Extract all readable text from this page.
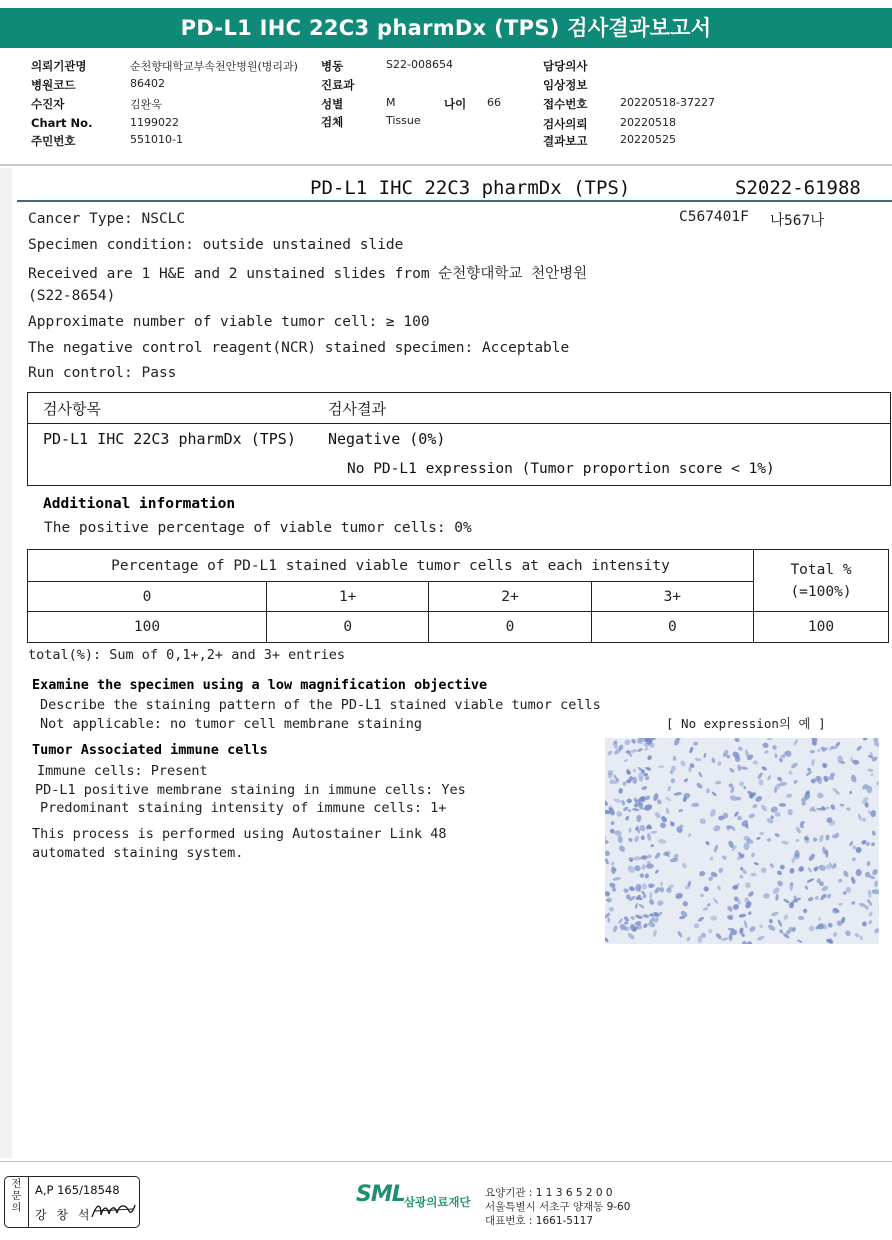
PD-L1 IHC 22C3 pharmDx (TPS) 검사결과보고서
의뢰기관명	순천향대학교부속천안병원(병리과) 병동	S22-008654	담당의사
병원코드	86402	진료과	임상정보
수진자	김완욱	성별	M	나이 66	접수번호	20220518-37227
Chart No.	1199022	검체	Tissue	검사의뢰	20220518
주민번호	551010-1	결과보고	20220525
PD-L1 IHC 22C3 pharmDx (TPS)	S2022-61988
Cancer Type: NSCLC	C567401F 나567나
Specimen condition: outside unstained slide
Received are 1 H&E and 2 unstained slides from 순천향대학교 천안병원
(S22-8654)
Approximate number of viable tumor cell: ≥ 100
The negative control reagent(NCR) stained specimen: Acceptable
Run control: Pass
검사항목	검사결과
PD-L1 IHC 22C3 pharmDx (TPS) Negative (0%)
No PD-L1 expression (Tumor proportion score < 1%)
Additional information
The positive percentage of viable tumor cells: 0%
Percentage of PD-L1 stained viable tumor cells at each intensity				Total %
(=100%)

0	1+	2+	3+	
100	0	0	0	100
total(%): Sum of 0,1+,2+ and 3+ entries
Examine the specimen using a low magnification objective
Describe the staining pattern of the PD-L1 stained viable tumor cells
Not applicable: no tumor cell membrane staining	[ No expression의 예 ]
Tumor Associated immune cells
Immune cells: Present
PD-L1 positive membrane staining in immune cells: Yes
Predominant staining intensity of immune cells: 1+
This process is performed using Autostainer Link 48
automated staining system.
전
문
의
A,P 165/18548
강 창 석
SML 삼광의료재단
요양기관 : 1 1 3 6 5 2 0 0
서울특별시 서초구 양재동 9-60
대표번호 : 1661-5117
